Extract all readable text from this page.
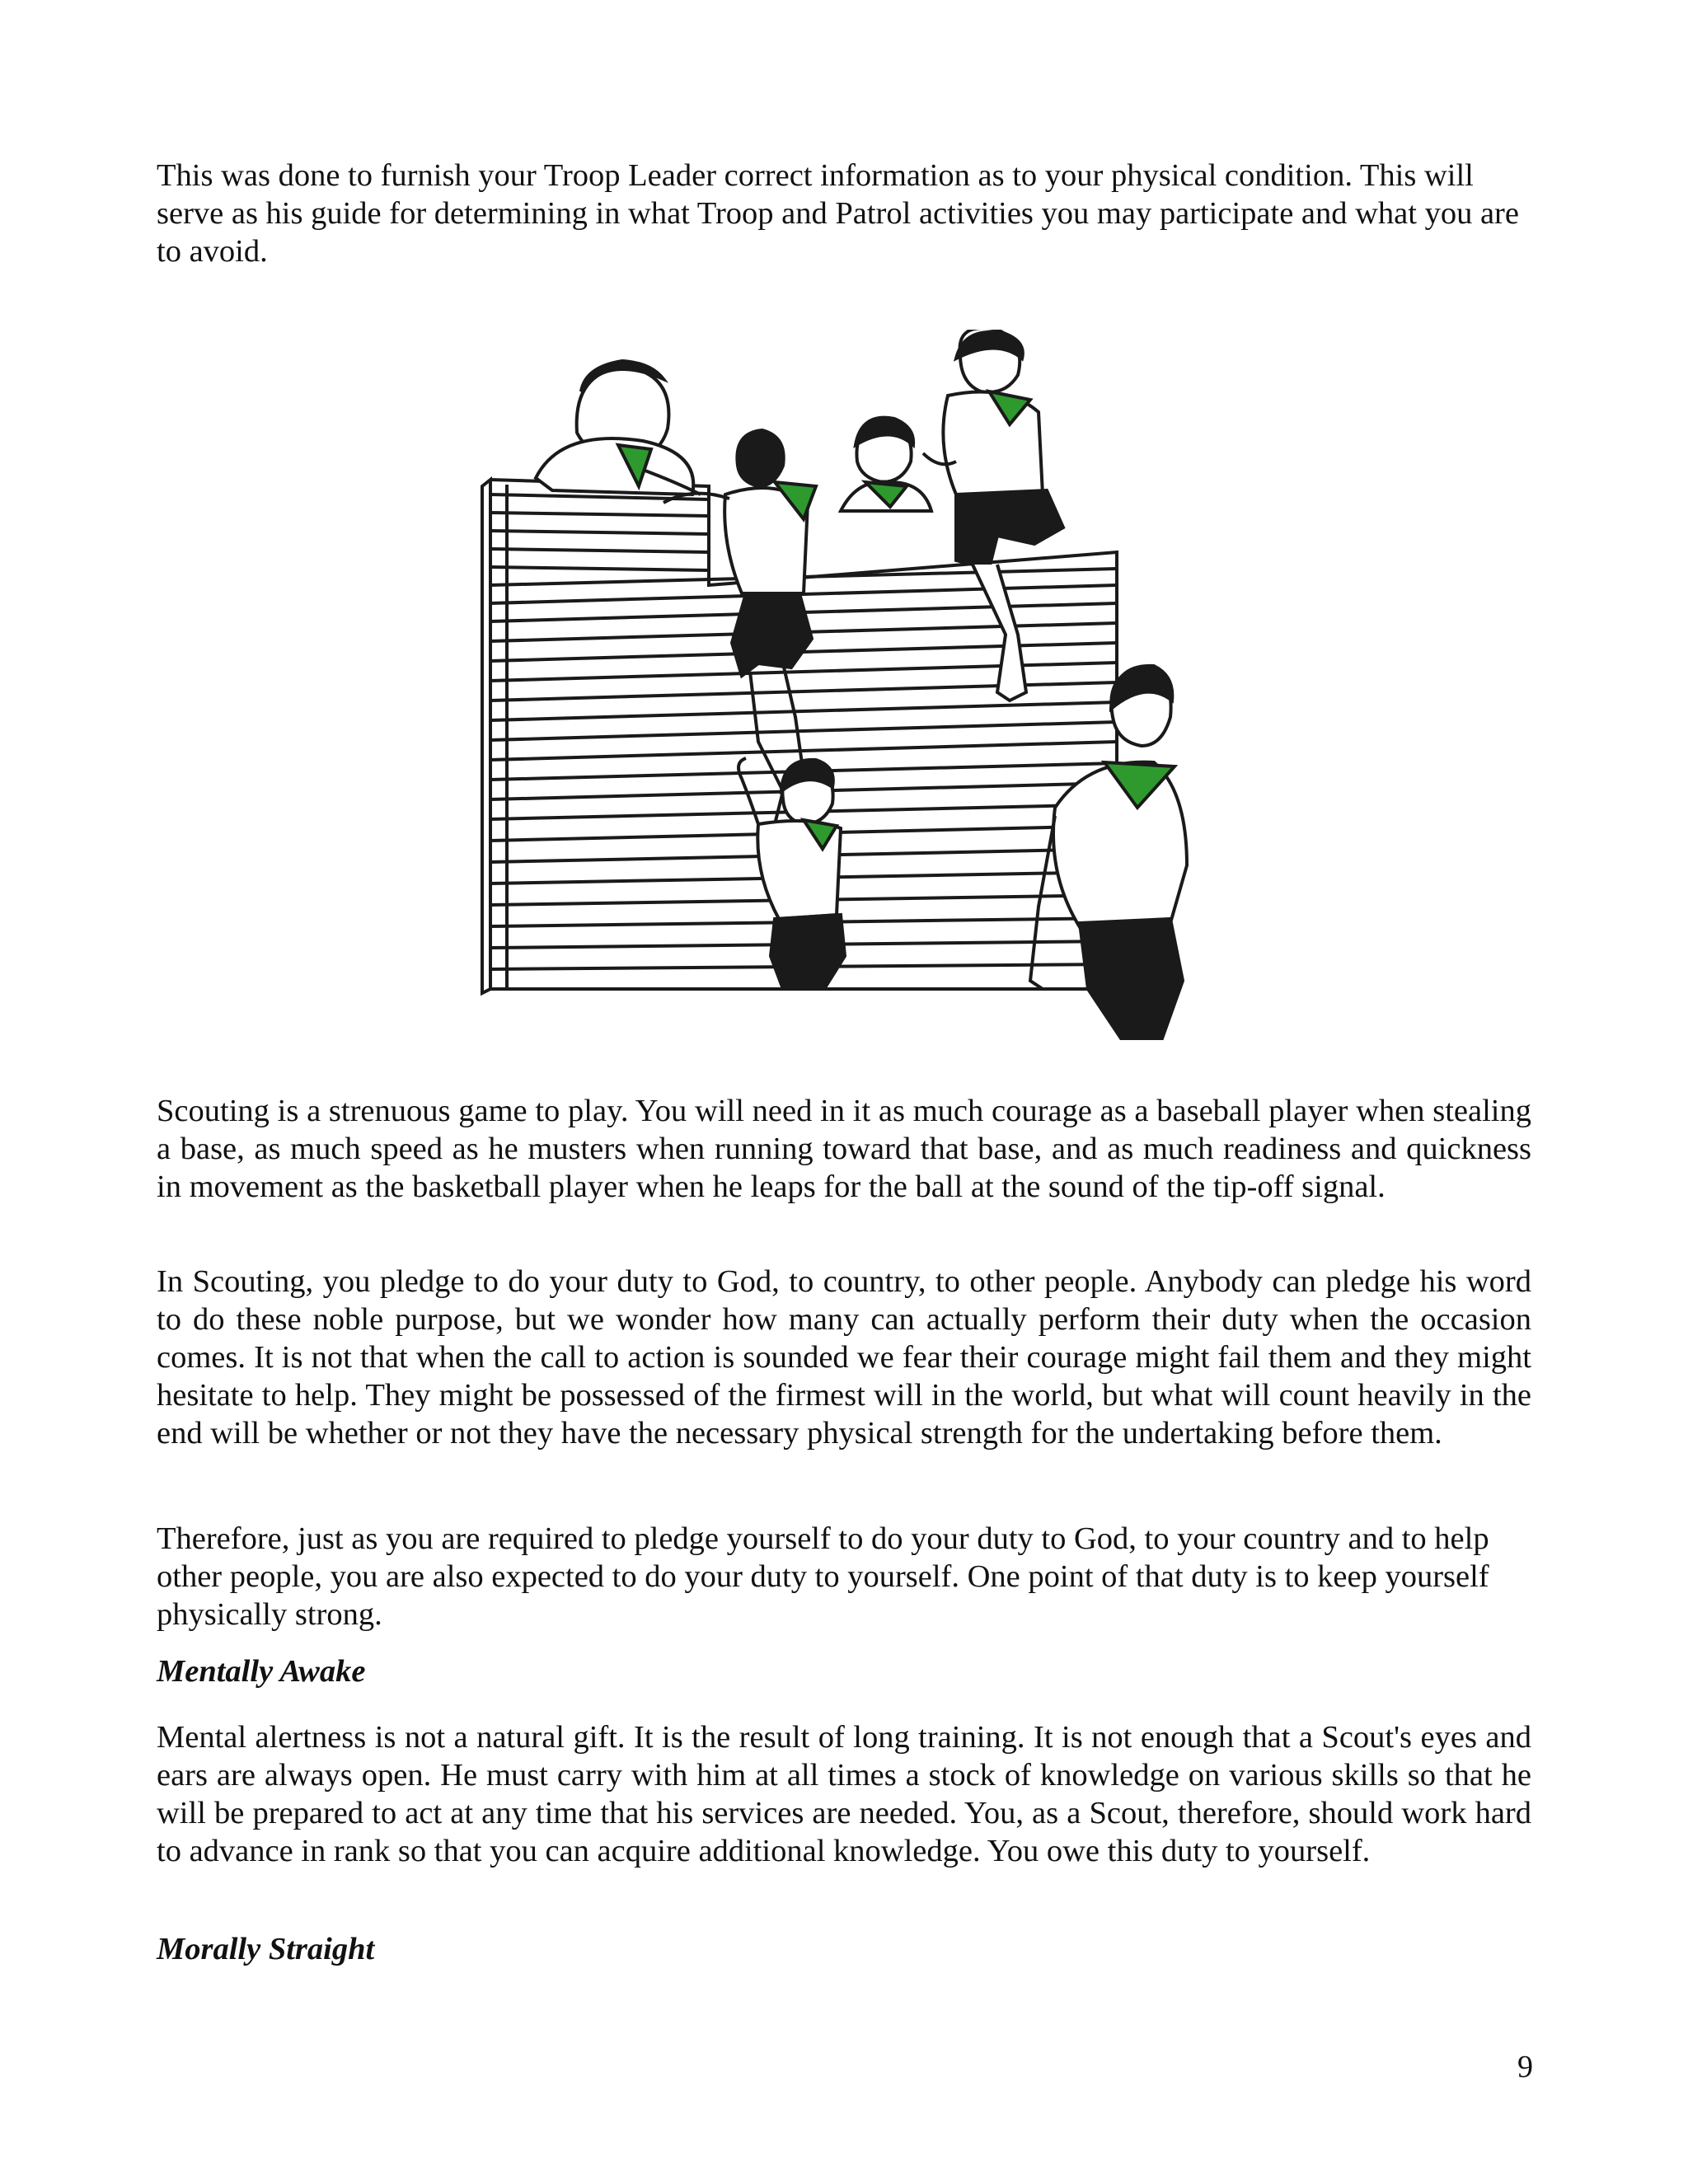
This was done to furnish your Troop Leader correct information as to your physical condition. This will serve as his guide for determining in what Troop and Patrol activities you may participate and what you are to avoid.

Scouting is a strenuous game to play. You will need in it as much courage as a baseball player when stealing a base, as much speed as he musters when running toward that base, and as much readiness and quickness in movement as the basketball player when he leaps for the ball at the sound of the tip-off signal.

In Scouting, you pledge to do your duty to God, to country, to other people. Anybody can pledge his word to do these noble purpose, but we wonder how many can actually perform their duty when the occasion comes. It is not that when the call to action is sounded we fear their courage might fail them and they might hesitate to help. They might be possessed of the firmest will in the world, but what will count heavily in the end will be whether or not they have the necessary physical strength for the undertaking before them.

Therefore, just as you are required to pledge yourself to do your duty to God, to your country and to help other people, you are also expected to do your duty to yourself. One point of that duty is to keep yourself physically strong.

Mentally Awake

Mental alertness is not a natural gift. It is the result of long training. It is not enough that a Scout's eyes and ears are always open. He must carry with him at all times a stock of knowledge on various skills so that he will be prepared to act at any time that his services are needed. You, as a Scout, therefore, should work hard to advance in rank so that you can acquire additional knowledge. You owe this duty to yourself.

Morally Straight
9
